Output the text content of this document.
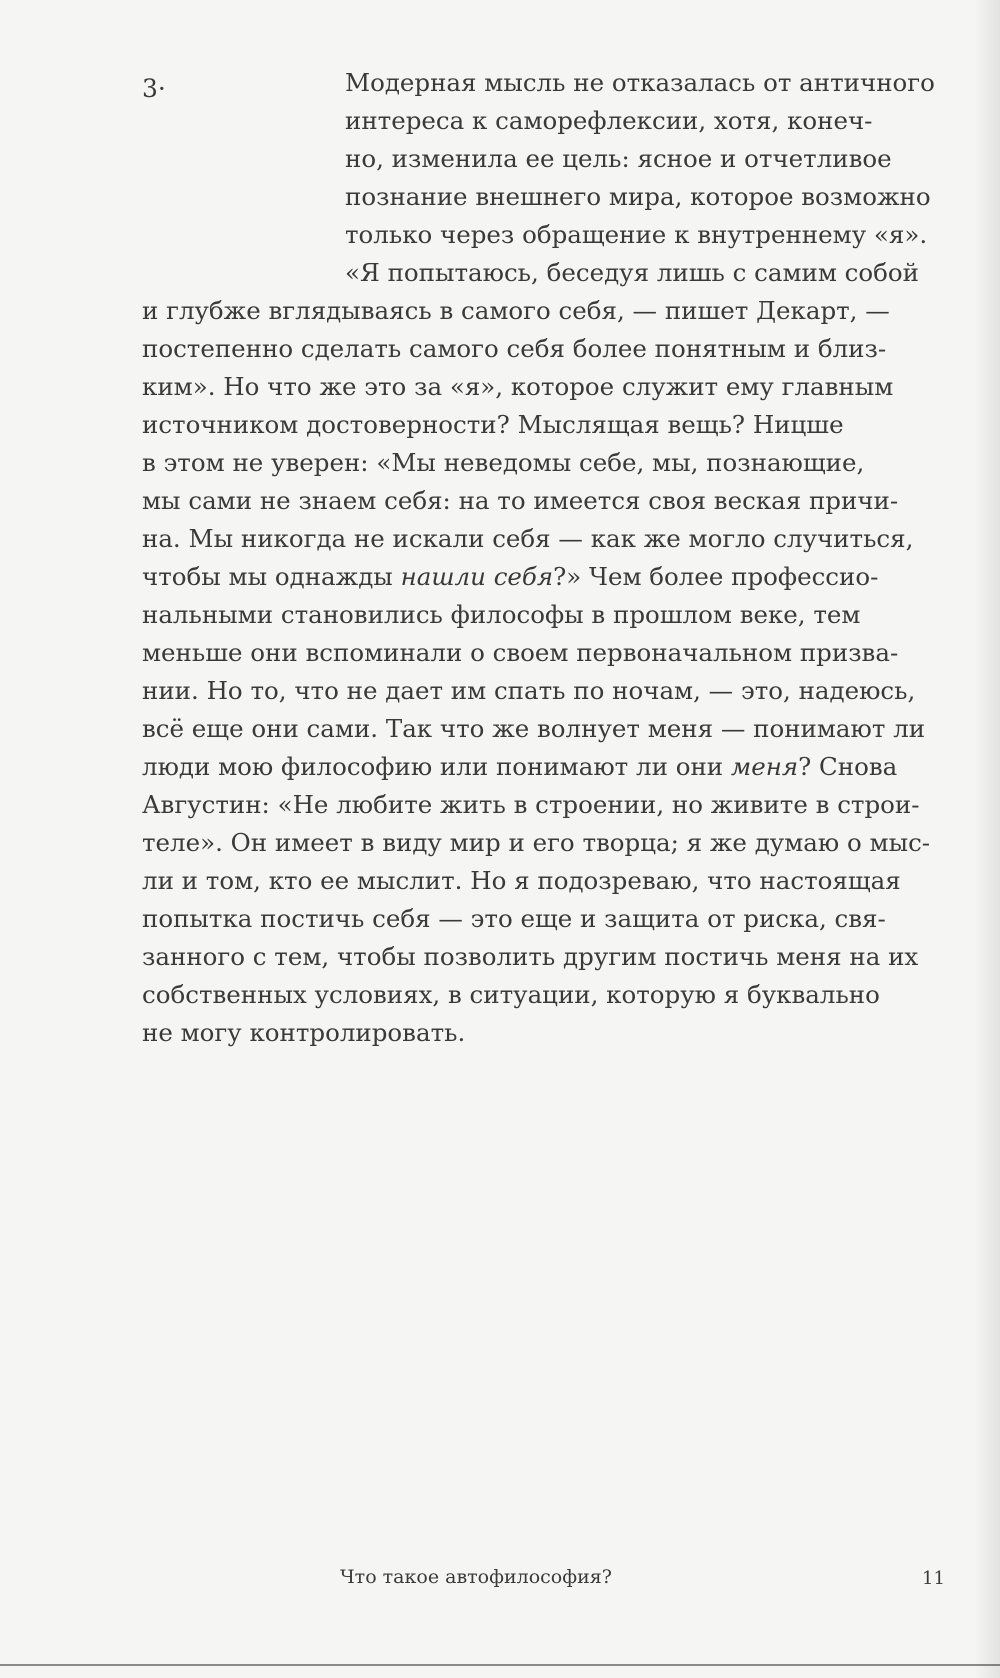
3·	Модерная мысль не отказалась от античного
интереса к саморефлексии, хотя, конеч-
но, изменила ее цель: ясное и отчетливое
познание внешнего мира, которое возможно
только через обращение к внутреннему «я».
«Я попытаюсь, беседуя лишь с самим собой
и глубже вглядываясь в самого себя, — пишет Декарт, —
постепенно сделать самого себя более понятным и близ-
ким». Но что же это за «я», которое служит ему главным
источником достоверности? Мыслящая вещь? Ницше
в этом не уверен: «Мы неведомы себе, мы, познающие,
мы сами не знаем себя: на то имеется своя веская причи-
на. Мы никогда не искали себя — как же могло случиться,
чтобы мы однажды нашли себя?» Чем более профессио-
нальными становились философы в прошлом веке, тем
меньше они вспоминали о своем первоначальном призва-
нии. Но то, что не дает им спать по ночам, — это, надеюсь,
всё еще они сами. Так что же волнует меня — понимают ли
люди мою философию или понимают ли они меня? Снова
Августин: «Не любите жить в строении, но живите в строи-
теле». Он имеет в виду мир и его творца; я же думаю о мыс-
ли и том, кто ее мыслит. Но я подозреваю, что настоящая
попытка постичь себя — это еще и защита от риска, свя-
занного с тем, чтобы позволить другим постичь меня на их
собственных условиях, в ситуации, которую я буквально
не могу контролировать.
Что такое автофилософия?	11
